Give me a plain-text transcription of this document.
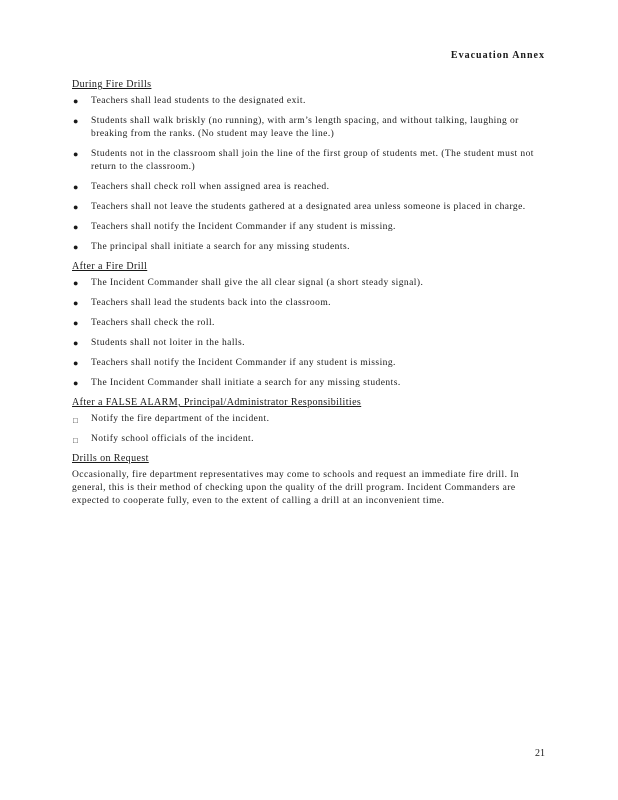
Evacuation Annex
During Fire Drills
●	Teachers shall lead students to the designated exit.
●	Students shall walk briskly (no running), with arm’s length spacing, and without talking, laughing or breaking from the ranks. (No student may leave the line.)
●	Students not in the classroom shall join the line of the first group of students met. (The student must not return to the classroom.)
●	Teachers shall check roll when assigned area is reached.
●	Teachers shall not leave the students gathered at a designated area unless someone is placed in charge.
●	Teachers shall notify the Incident Commander if any student is missing.
●	The principal shall initiate a search for any missing students.
After a Fire Drill
●	The Incident Commander shall give the all clear signal (a short steady signal).
●	Teachers shall lead the students back into the classroom.
●	Teachers shall check the roll.
●	Students shall not loiter in the halls.
●	Teachers shall notify the Incident Commander if any student is missing.
●	The Incident Commander shall initiate a search for any missing students.
After a FALSE ALARM, Principal/Administrator Responsibilities
□	Notify the fire department of the incident.
□	Notify school officials of the incident.
Drills on Request

Occasionally, fire department representatives may come to schools and request an immediate fire drill. In general, this is their method of checking upon the quality of the drill program. Incident Commanders are expected to cooperate fully, even to the extent of calling a drill at an inconvenient time.

21
